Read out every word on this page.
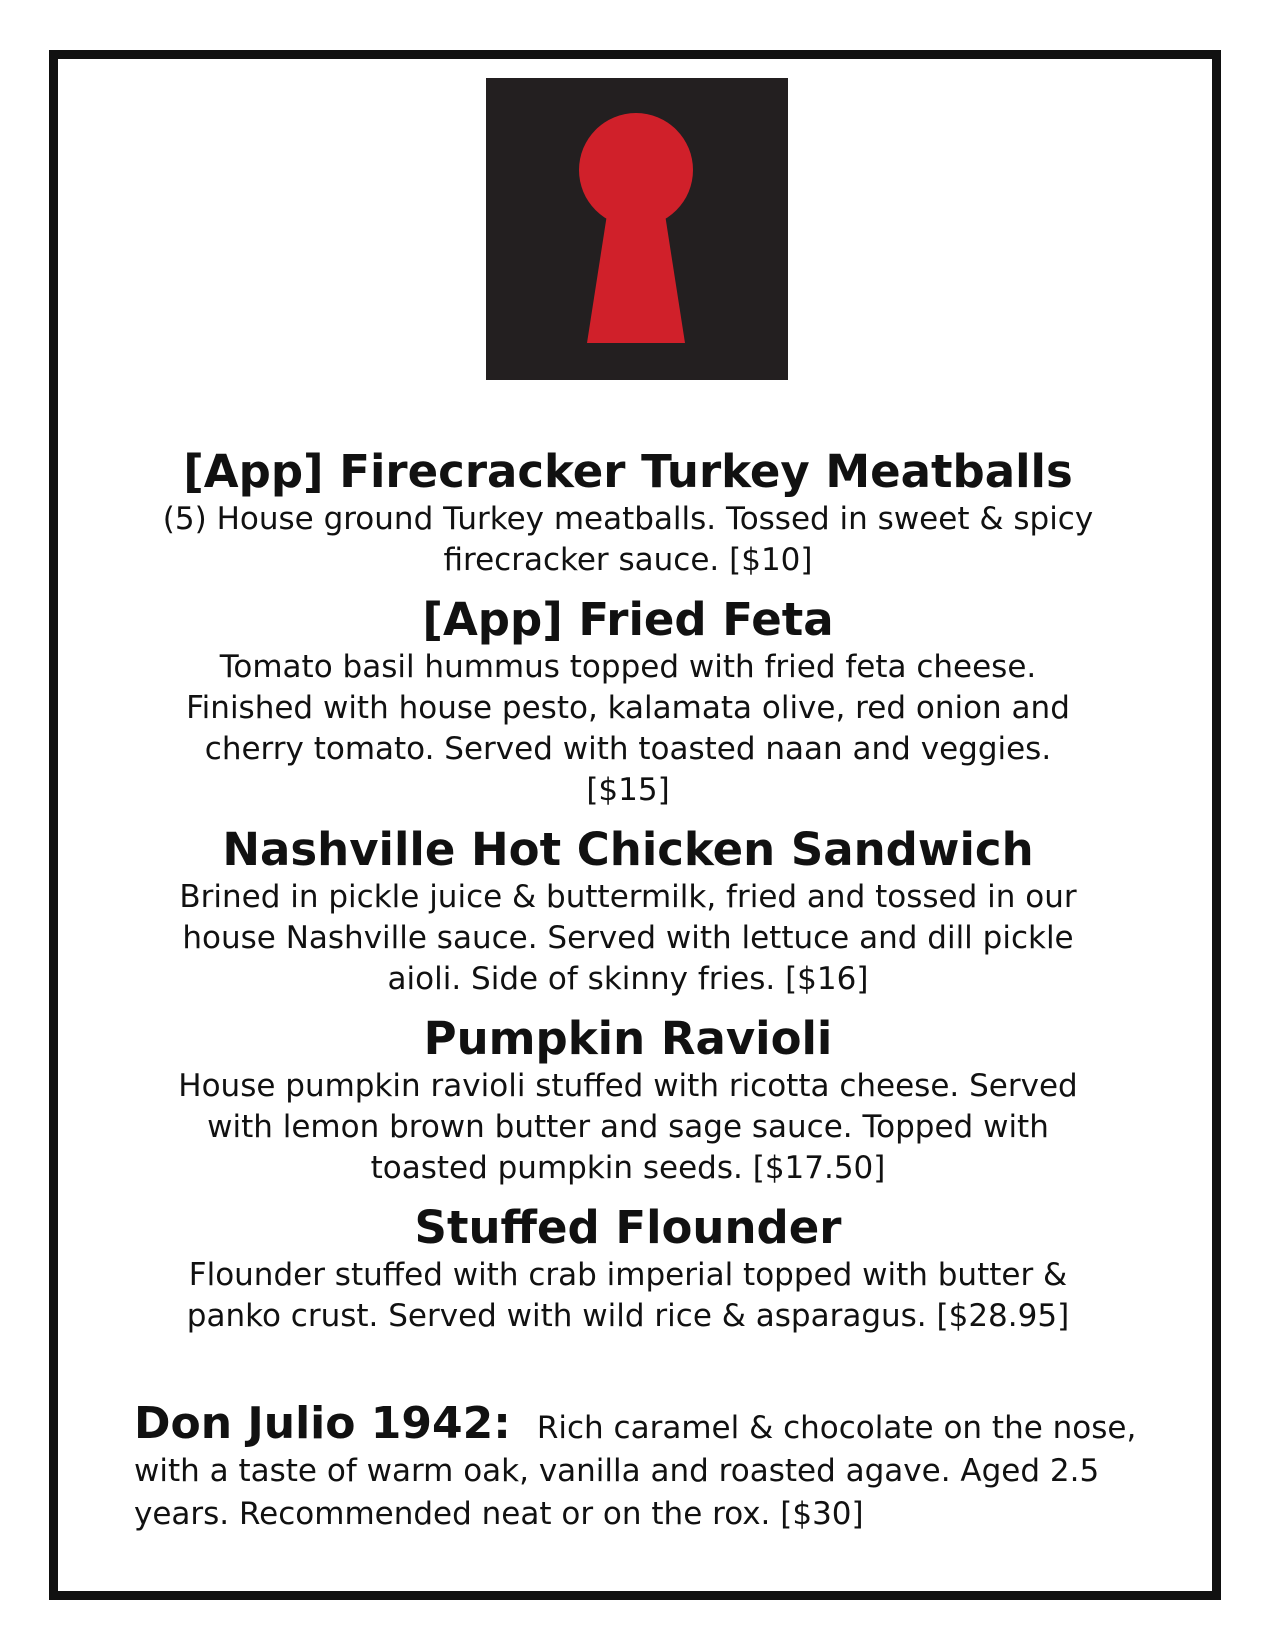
[App] Firecracker Turkey Meatballs
(5) House ground Turkey meatballs. Tossed in sweet & spicy firecracker sauce. [$10]
[App] Fried Feta
Tomato basil hummus topped with fried feta cheese. Finished with house pesto, kalamata olive, red onion and cherry tomato. Served with toasted naan and veggies. [$15]
Nashville Hot Chicken Sandwich
Brined in pickle juice & buttermilk, fried and tossed in our house Nashville sauce. Served with lettuce and dill pickle aioli. Side of skinny fries. [$16]
Pumpkin Ravioli
House pumpkin ravioli stuffed with ricotta cheese. Served with lemon brown butter and sage sauce. Topped with toasted pumpkin seeds. [$17.50]
Stuffed Flounder
Flounder stuffed with crab imperial topped with butter & panko crust. Served with wild rice & asparagus. [$28.95]
Don Julio 1942: Rich caramel & chocolate on the nose, with a taste of warm oak, vanilla and roasted agave. Aged 2.5 years. Recommended neat or on the rox. [$30]
